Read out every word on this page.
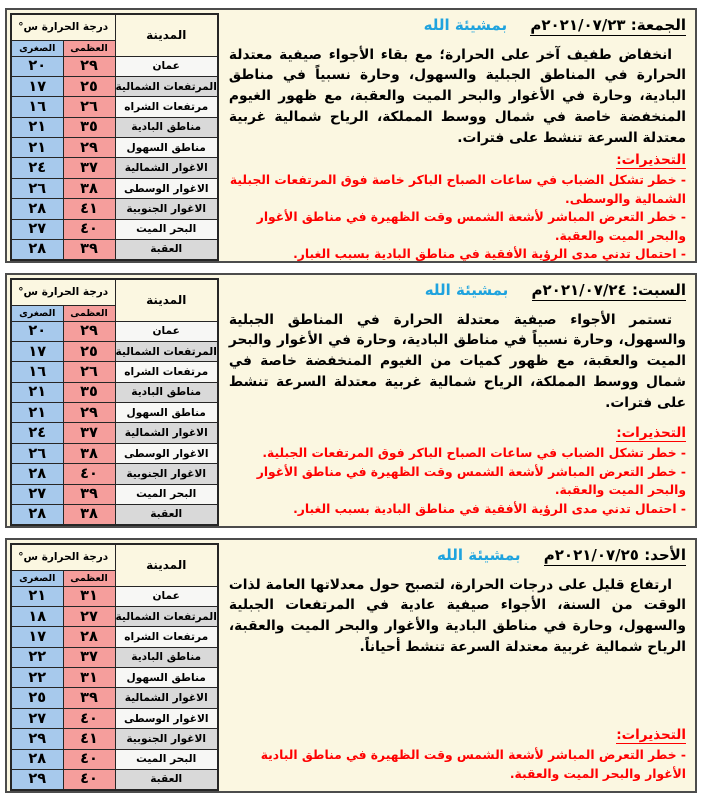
الجمعة: ٢٠٢١/٠٧/٢٣م بمشيئة الله

انخفاض طفيف آخر على الحرارة؛ مع بقاء الأجواء صيفية معتدلة الحرارة في المناطق الجبلية والسهول، وحارة نسبياً في مناطق البادية، وحارة في الأغوار والبحر الميت والعقبة، مع ظهور الغيوم المنخفضة خاصة في شمال ووسط المملكة، الرياح شمالية غربية معتدلة السرعة تنشط على فترات.

التحذيرات:
- خطر تشكل الضباب في ساعات الصباح الباكر خاصة فوق المرتفعات الجبلية الشمالية والوسطى.
- خطر التعرض المباشر لأشعة الشمس وقت الظهيرة في مناطق الأغوار والبحر الميت والعقبة.
- احتمال تدني مدى الرؤية الأفقية في مناطق البادية بسبب الغبار.
المدينة	درجة الحرارة س°	
	العظمى	الصغرى
عمان	٢٩	٢٠
المرتفعات الشمالية	٢٥	١٧
مرتفعات الشراه	٢٦	١٦
مناطق البادية	٣٥	٢١
مناطق السهول	٢٩	٢١
الاغوار الشمالية	٣٧	٢٤
الاغوار الوسطى	٣٨	٢٦
الاغوار الجنوبية	٤١	٢٨
البحر الميت	٤٠	٢٧
العقبة	٣٩	٢٨
السبت: ٢٠٢١/٠٧/٢٤م بمشيئة الله

تستمر الأجواء صيفية معتدلة الحرارة في المناطق الجبلية والسهول، وحارة نسبياً في مناطق البادية، وحارة في الأغوار والبحر الميت والعقبة، مع ظهور كميات من الغيوم المنخفضة خاصة في شمال ووسط المملكة، الرياح شمالية غربية معتدلة السرعة تنشط على فترات.

التحذيرات:
- خطر تشكل الضباب في ساعات الصباح الباكر فوق المرتفعات الجبلية.
- خطر التعرض المباشر لأشعة الشمس وقت الظهيرة في مناطق الأغوار والبحر الميت والعقبة.
- احتمال تدني مدى الرؤية الأفقية في مناطق البادية بسبب الغبار.
المدينة	درجة الحرارة س°	
	العظمى	الصغرى
عمان	٢٩	٢٠
المرتفعات الشمالية	٢٥	١٧
مرتفعات الشراه	٢٦	١٦
مناطق البادية	٣٥	٢١
مناطق السهول	٢٩	٢١
الاغوار الشمالية	٣٧	٢٤
الاغوار الوسطى	٣٨	٢٦
الاغوار الجنوبية	٤٠	٢٨
البحر الميت	٣٩	٢٧
العقبة	٣٨	٢٨
الأحد: ٢٠٢١/٠٧/٢٥م بمشيئة الله

ارتفاع قليل على درجات الحرارة، لتصبح حول معدلاتها العامة لذات الوقت من السنة، الأجواء صيفية عادية في المرتفعات الجبلية والسهول، وحارة في مناطق البادية والأغوار والبحر الميت والعقبة، الرياح شمالية غربية معتدلة السرعة تنشط أحياناً.

التحذيرات:
- خطر التعرض المباشر لأشعة الشمس وقت الظهيرة في مناطق البادية الأغوار والبحر الميت والعقبة.
المدينة	درجة الحرارة س°	
	العظمى	الصغرى
عمان	٣١	٢١
المرتفعات الشمالية	٢٧	١٨
مرتفعات الشراه	٢٨	١٧
مناطق البادية	٣٧	٢٢
مناطق السهول	٣١	٢٢
الاغوار الشمالية	٣٩	٢٥
الاغوار الوسطى	٤٠	٢٧
الاغوار الجنوبية	٤١	٢٩
البحر الميت	٤٠	٢٨
العقبة	٤٠	٢٩
